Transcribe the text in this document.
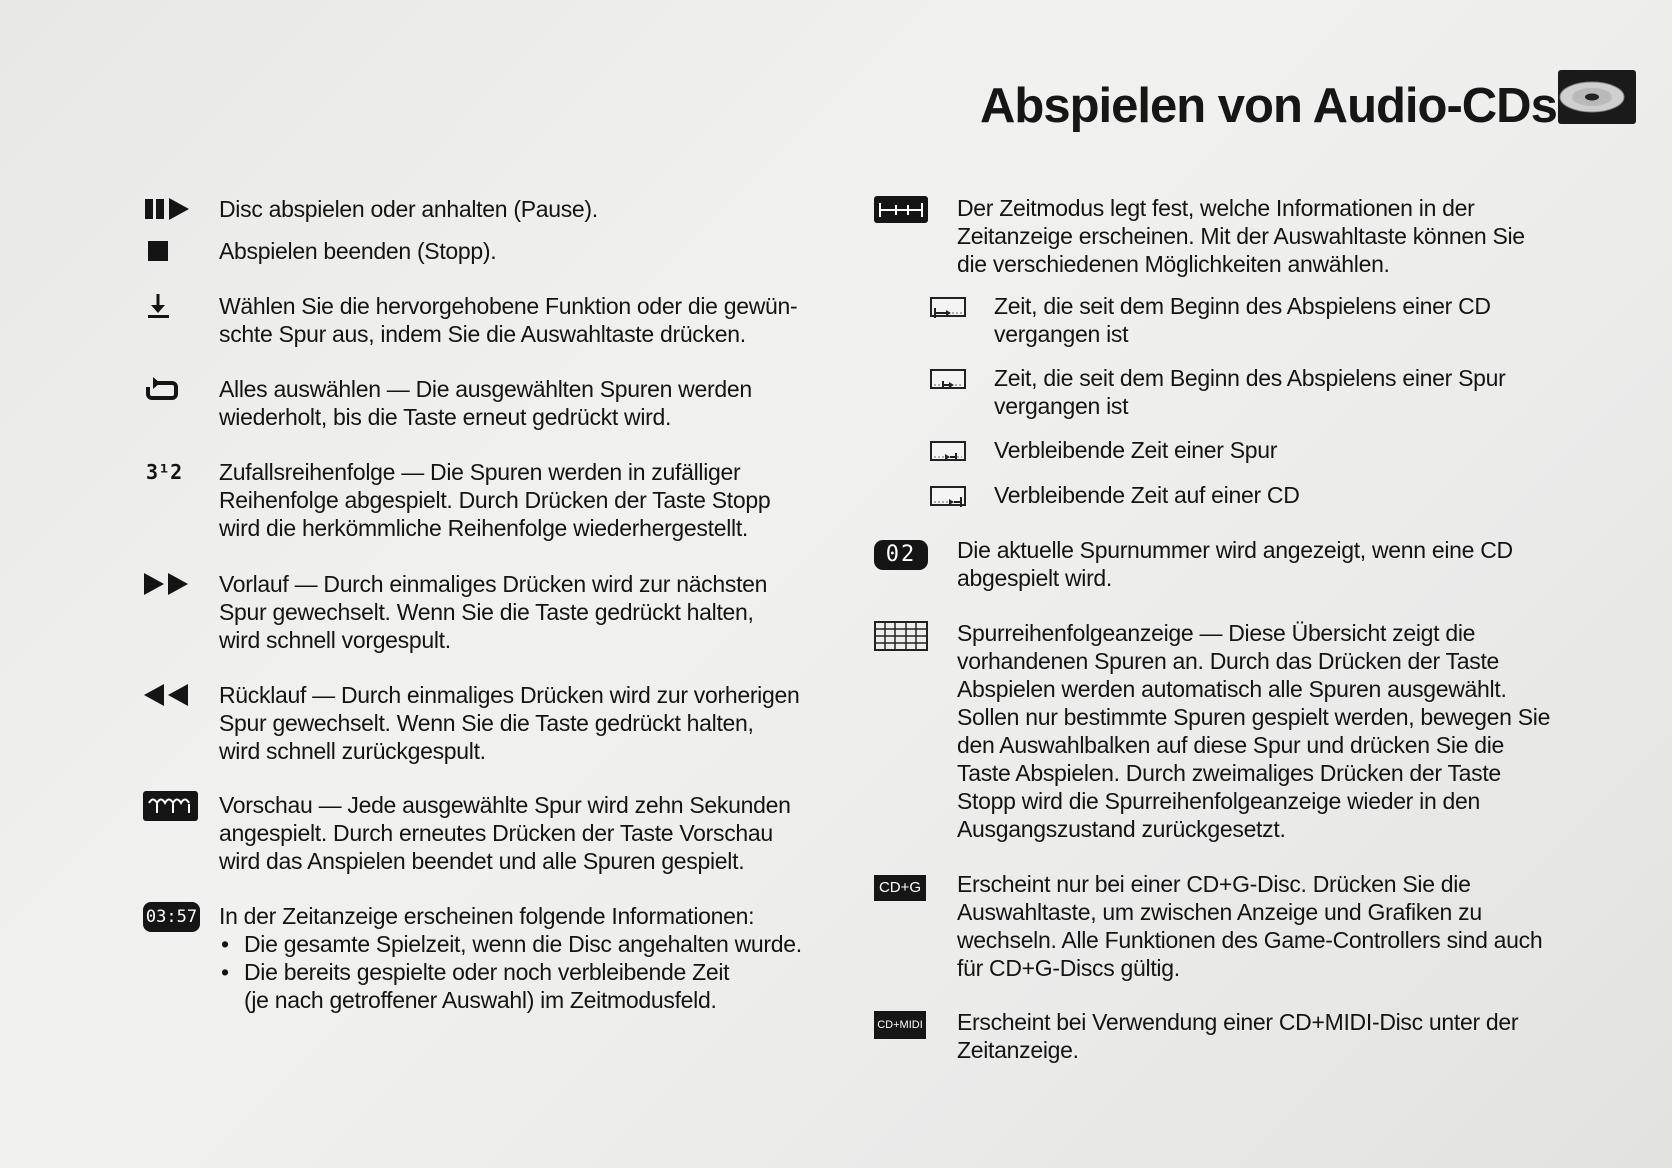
Abspielen von Audio-CDs
Disc abspielen oder anhalten (Pause).
Abspielen beenden (Stopp).
Wählen Sie die hervorgehobene Funktion oder die gewün-
schte Spur aus, indem Sie die Auswahltaste drücken.
Alles auswählen — Die ausgewählten Spuren werden
wiederholt, bis die Taste erneut gedrückt wird.
3¹2 Zufallsreihenfolge — Die Spuren werden in zufälliger
Reihenfolge abgespielt. Durch Drücken der Taste Stopp
wird die herkömmliche Reihenfolge wiederhergestellt.
Vorlauf — Durch einmaliges Drücken wird zur nächsten
Spur gewechselt. Wenn Sie die Taste gedrückt halten,
wird schnell vorgespult.
Rücklauf — Durch einmaliges Drücken wird zur vorherigen
Spur gewechselt. Wenn Sie die Taste gedrückt halten,
wird schnell zurückgespult.
Vorschau — Jede ausgewählte Spur wird zehn Sekunden
angespielt. Durch erneutes Drücken der Taste Vorschau
wird das Anspielen beendet und alle Spuren gespielt.
03:57 In der Zeitanzeige erscheinen folgende Informationen:
• Die gesamte Spielzeit, wenn die Disc angehalten wurde.
• Die bereits gespielte oder noch verbleibende Zeit
(je nach getroffener Auswahl) im Zeitmodusfeld.
Der Zeitmodus legt fest, welche Informationen in der
Zeitanzeige erscheinen. Mit der Auswahltaste können Sie
die verschiedenen Möglichkeiten anwählen.
Zeit, die seit dem Beginn des Abspielens einer CD
vergangen ist
Zeit, die seit dem Beginn des Abspielens einer Spur
vergangen ist
Verbleibende Zeit einer Spur
Verbleibende Zeit auf einer CD
02	Die aktuelle Spurnummer wird angezeigt, wenn eine CD
abgespielt wird.
Spurreihenfolgeanzeige — Diese Übersicht zeigt die
vorhandenen Spuren an. Durch das Drücken der Taste
Abspielen werden automatisch alle Spuren ausgewählt.
Sollen nur bestimmte Spuren gespielt werden, bewegen Sie
den Auswahlbalken auf diese Spur und drücken Sie die
Taste Abspielen. Durch zweimaliges Drücken der Taste
Stopp wird die Spurreihenfolgeanzeige wieder in den
Ausgangszustand zurückgesetzt.
CD+G Erscheint nur bei einer CD+G-Disc. Drücken Sie die
Auswahltaste, um zwischen Anzeige und Grafiken zu
wechseln. Alle Funktionen des Game-Controllers sind auch
für CD+G-Discs gültig.
CD+MIDI Erscheint bei Verwendung einer CD+MIDI-Disc unter der
Zeitanzeige.
